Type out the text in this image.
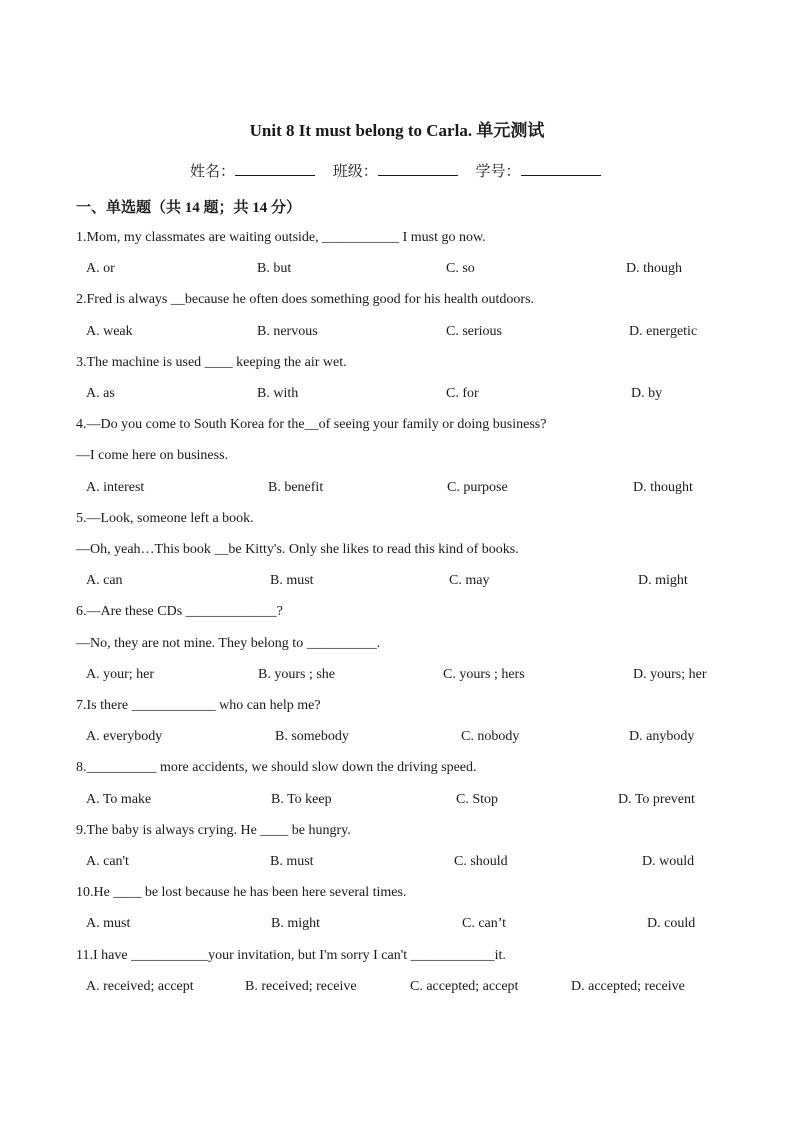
Unit 8 It must belong to Carla. 单元测试
姓名：	班级：	学号：
一、单选题（共 14 题；共 14 分）
1.Mom, my classmates are waiting outside, ___________ I must go now.
A. or	B. but	C. so	D. though
2.Fred is always __because he often does something good for his health outdoors.
A. weak	B. nervous	C. serious	D. energetic
3.The machine is used ____ keeping the air wet.
A. as	B. with	C. for	D. by
4.—Do you come to South Korea for the__of seeing your family or doing business?
—I come here on business.
A. interest	B. benefit	C. purpose	D. thought
5.—Look, someone left a book.
—Oh, yeah…This book __be Kitty's. Only she likes to read this kind of books.
A. can	B. must	C. may	D. might
6.—Are these CDs _____________?
—No, they are not mine. They belong to __________.
A. your; her	B. yours ; she	C. yours ; hers	D. yours; her
7.Is there ____________ who can help me?
A. everybody	B. somebody	C. nobody	D. anybody
8.__________ more accidents, we should slow down the driving speed.
A. To make	B. To keep	C. Stop	D. To prevent
9.The baby is always crying. He ____ be hungry.
A. can't	B. must	C. should	D. would
10.He ____ be lost because he has been here several times.
A. must	B. might	C. can’t	D. could
11.I have ___________your invitation, but I'm sorry I can't ____________it.
A. received; accept	B. received; receive	C. accepted; accept	D. accepted; receive
